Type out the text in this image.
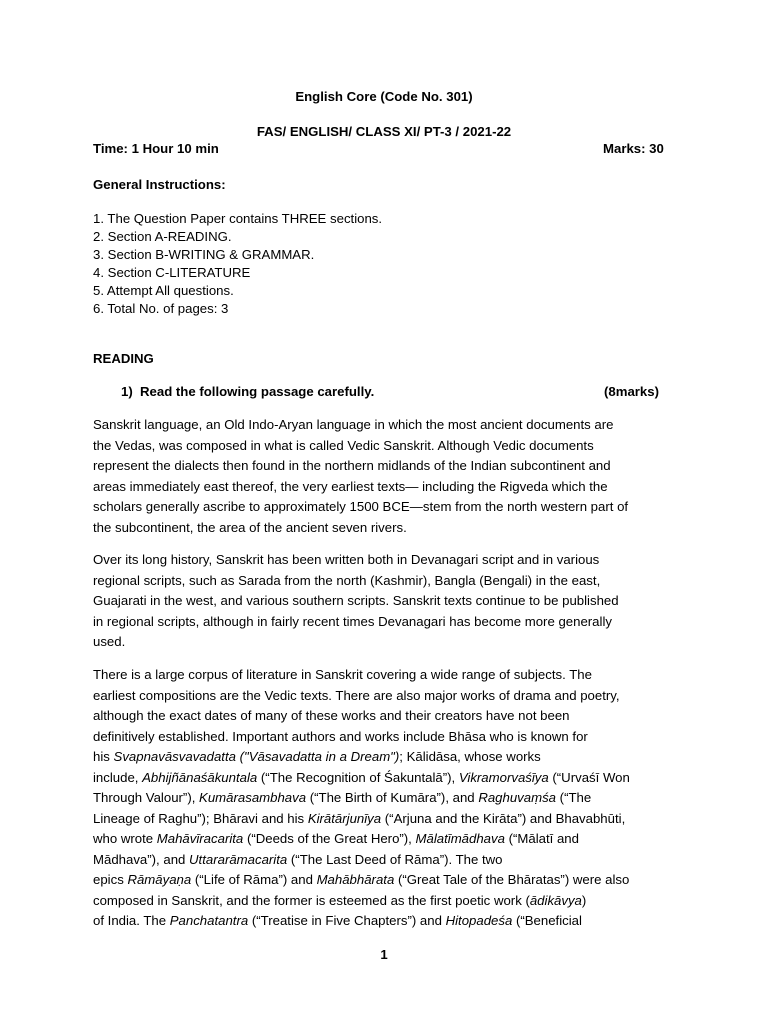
English Core (Code No. 301)
FAS/ ENGLISH/ CLASS XI/ PT-3 / 2021-22
Time: 1 Hour 10 min	Marks: 30
General Instructions:
1. The Question Paper contains THREE sections.
2. Section A-READING.
3. Section B-WRITING & GRAMMAR.
4. Section C-LITERATURE
5. Attempt All questions.
6. Total No. of pages: 3
READING
1) Read the following passage carefully.	(8marks)
Sanskrit language, an Old Indo-Aryan language in which the most ancient documents are
the Vedas, was composed in what is called Vedic Sanskrit. Although Vedic documents
represent the dialects then found in the northern midlands of the Indian subcontinent and
areas immediately east thereof, the very earliest texts— including the Rigveda which the
scholars generally ascribe to approximately 1500 BCE—stem from the north western part of
the subcontinent, the area of the ancient seven rivers.
Over its long history, Sanskrit has been written both in Devanagari script and in various
regional scripts, such as Sarada from the north (Kashmir), Bangla (Bengali) in the east,
Guajarati in the west, and various southern scripts. Sanskrit texts continue to be published
in regional scripts, although in fairly recent times Devanagari has become more generally
used.
There is a large corpus of literature in Sanskrit covering a wide range of subjects. The
earliest compositions are the Vedic texts. There are also major works of drama and poetry,
although the exact dates of many of these works and their creators have not been
definitively established. Important authors and works include Bhāsa who is known for
his Svapnavāsvavadatta ("Vāsavadatta in a Dream"); Kālidāsa, whose works
include, Abhijñānaśākuntala (“The Recognition of Śakuntalā”), Vikramorvaśīya (“Urvaśī Won
Through Valour”), Kumārasambhava (“The Birth of Kumāra”), and Raghuvaṃśa (“The
Lineage of Raghu”); Bhāravi and his Kirātārjunīya (“Arjuna and the Kirāta”) and Bhavabhūti,
who wrote Mahāvīracarita (“Deeds of the Great Hero”), Mālatīmādhava (“Mālatī and
Mādhava”), and Uttararāmacarita (“The Last Deed of Rāma”). The two
epics Rāmāyaṇa (“Life of Rāma”) and Mahābhārata (“Great Tale of the Bhāratas”) were also
composed in Sanskrit, and the former is esteemed as the first poetic work (ādikāvya)
of India. The Panchatantra (“Treatise in Five Chapters”) and Hitopadeśa (“Beneficial
1
